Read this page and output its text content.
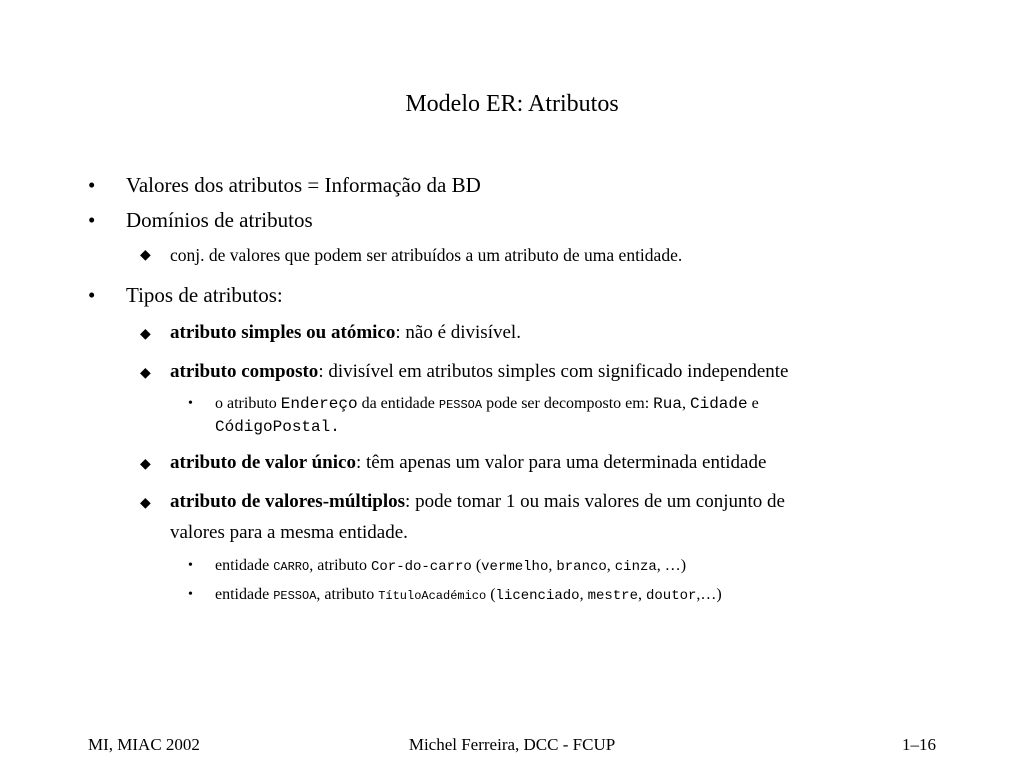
Modelo ER: Atributos
• Valores dos atributos = Informação da BD
• Domínios de atributos
◆ conj. de valores que podem ser atribuídos a um atributo de uma entidade.
• Tipos de atributos:
◆ atributo simples ou atómico: não é divisível.
◆ atributo composto: divisível em atributos simples com significado independente
• o atributo Endereço da entidade PESSOA pode ser decomposto em: Rua, Cidade e
CódigoPostal.
◆ atributo de valor único: têm apenas um valor para uma determinada entidade
◆ atributo de valores-múltiplos: pode tomar 1 ou mais valores de um conjunto de
valores para a mesma entidade.
• entidade CARRO, atributo Cor-do-carro (vermelho, branco, cinza, …)
• entidade PESSOA, atributo TítuloAcadémico (licenciado, mestre, doutor,…)
MI, MIAC 2002	Michel Ferreira, DCC - FCUP	1–16
